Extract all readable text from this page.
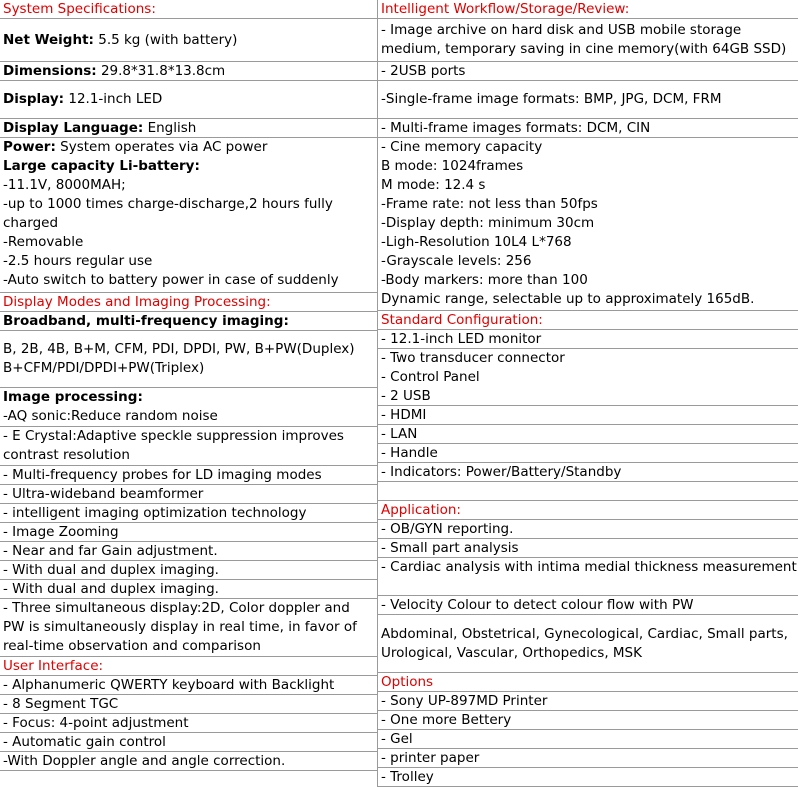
System Specifications:
Net Weight: 5.5 kg (with battery)
Dimensions: 29.8*31.8*13.8cm
Display: 12.1-inch LED
Display Language: English
Power: System operates via AC power
Large capacity Li-battery:
-11.1V, 8000MAH;
-up to 1000 times charge-discharge,2 hours fully charged
-Removable
-2.5 hours regular use
-Auto switch to battery power in case of suddenly
Display Modes and Imaging Processing:
Broadband, multi-frequency imaging:
B, 2B, 4B, B+M, CFM, PDI, DPDI, PW, B+PW(Duplex)
B+CFM/PDI/DPDI+PW(Triplex)
Image processing:
-AQ sonic:Reduce random noise
- E Crystal:Adaptive speckle suppression improves contrast resolution
- Multi-frequency probes for LD imaging modes
- Ultra-wideband beamformer
- intelligent imaging optimization technology
- Image Zooming
- Near and far Gain adjustment.
- With dual and duplex imaging.
- With dual and duplex imaging.
- Three simultaneous display:2D, Color doppler and PW is simultaneously display in real time, in favor of real-time observation and comparison
User Interface:
- Alphanumeric QWERTY keyboard with Backlight
- 8 Segment TGC
- Focus: 4-point adjustment
- Automatic gain control
-With Doppler angle and angle correction.
Intelligent Workflow/Storage/Review:
- Image archive on hard disk and USB mobile storage medium, temporary saving in cine memory(with 64GB SSD)
- 2USB ports
-Single-frame image formats: BMP, JPG, DCM, FRM
- Multi-frame images formats: DCM, CIN
- Cine memory capacity
B mode: 1024frames
M mode: 12.4 s
-Frame rate: not less than 50fps
-Display depth: minimum 30cm
-Ligh-Resolution 10L4 L*768
-Grayscale levels: 256
-Body markers: more than 100
Dynamic range, selectable up to approximately 165dB.
Standard Configuration:
- 12.1-inch LED monitor
- Two transducer connector
- Control Panel
- 2 USB
- HDMI
- LAN
- Handle
- Indicators: Power/Battery/Standby
Application:
- OB/GYN reporting.
- Small part analysis
- Cardiac analysis with intima medial thickness measurement
- Velocity Colour to detect colour flow with PW
Abdominal, Obstetrical, Gynecological, Cardiac, Small parts, Urological, Vascular, Orthopedics, MSK
Options
- Sony UP-897MD Printer
- One more Bettery
- Gel
- printer paper
- Trolley
